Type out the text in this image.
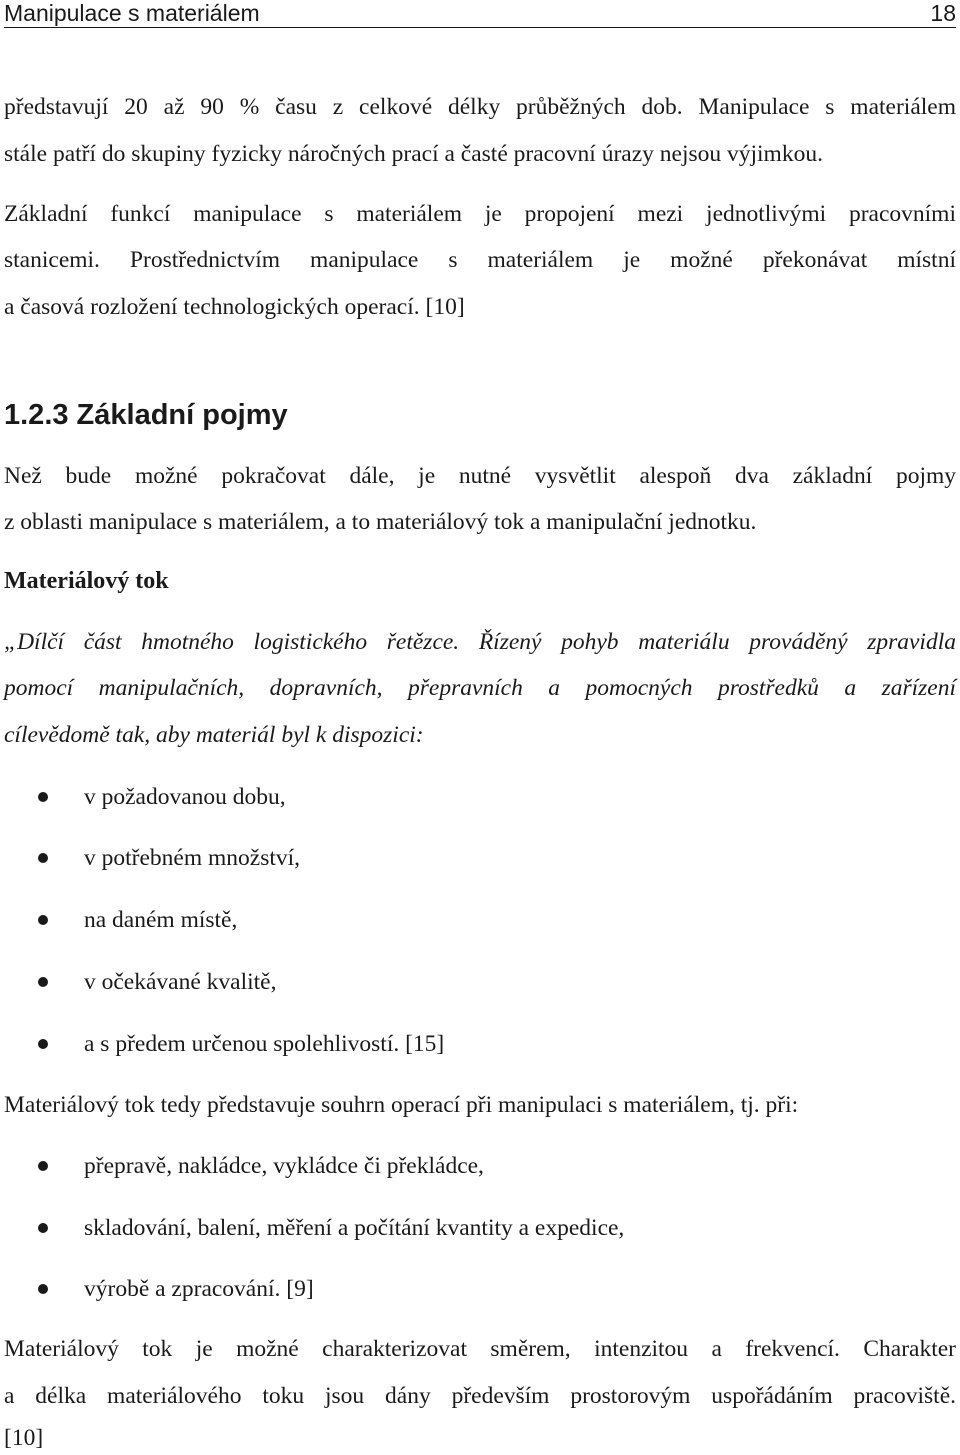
Manipulace s materiálem	18
představují 20 až 90 % času z celkové délky průběžných dob. Manipulace s materiálem
stále patří do skupiny fyzicky náročných prací a časté pracovní úrazy nejsou výjimkou.
Základní funkcí manipulace s materiálem je propojení mezi jednotlivými pracovními
stanicemi. Prostřednictvím manipulace s materiálem je možné překonávat místní
a časová rozložení technologických operací. [10]
1.2.3 Základní pojmy
Než bude možné pokračovat dále, je nutné vysvětlit alespoň dva základní pojmy
z oblasti manipulace s materiálem, a to materiálový tok a manipulační jednotku.
Materiálový tok
„Dílčí část hmotného logistického řetězce. Řízený pohyb materiálu prováděný zpravidla
pomocí manipulačních, dopravních, přepravních a pomocných prostředků a zařízení
cílevědomě tak, aby materiál byl k dispozici:
v požadovanou dobu,
v potřebném množství,
na daném místě,
v očekávané kvalitě,
a s předem určenou spolehlivostí. [15]
Materiálový tok tedy představuje souhrn operací při manipulaci s materiálem, tj. při:
přepravě, nakládce, vykládce či překládce,
skladování, balení, měření a počítání kvantity a expedice,
výrobě a zpracování. [9]
Materiálový tok je možné charakterizovat směrem, intenzitou a frekvencí. Charakter
a délka materiálového toku jsou dány především prostorovým uspořádáním pracoviště.
[10]
